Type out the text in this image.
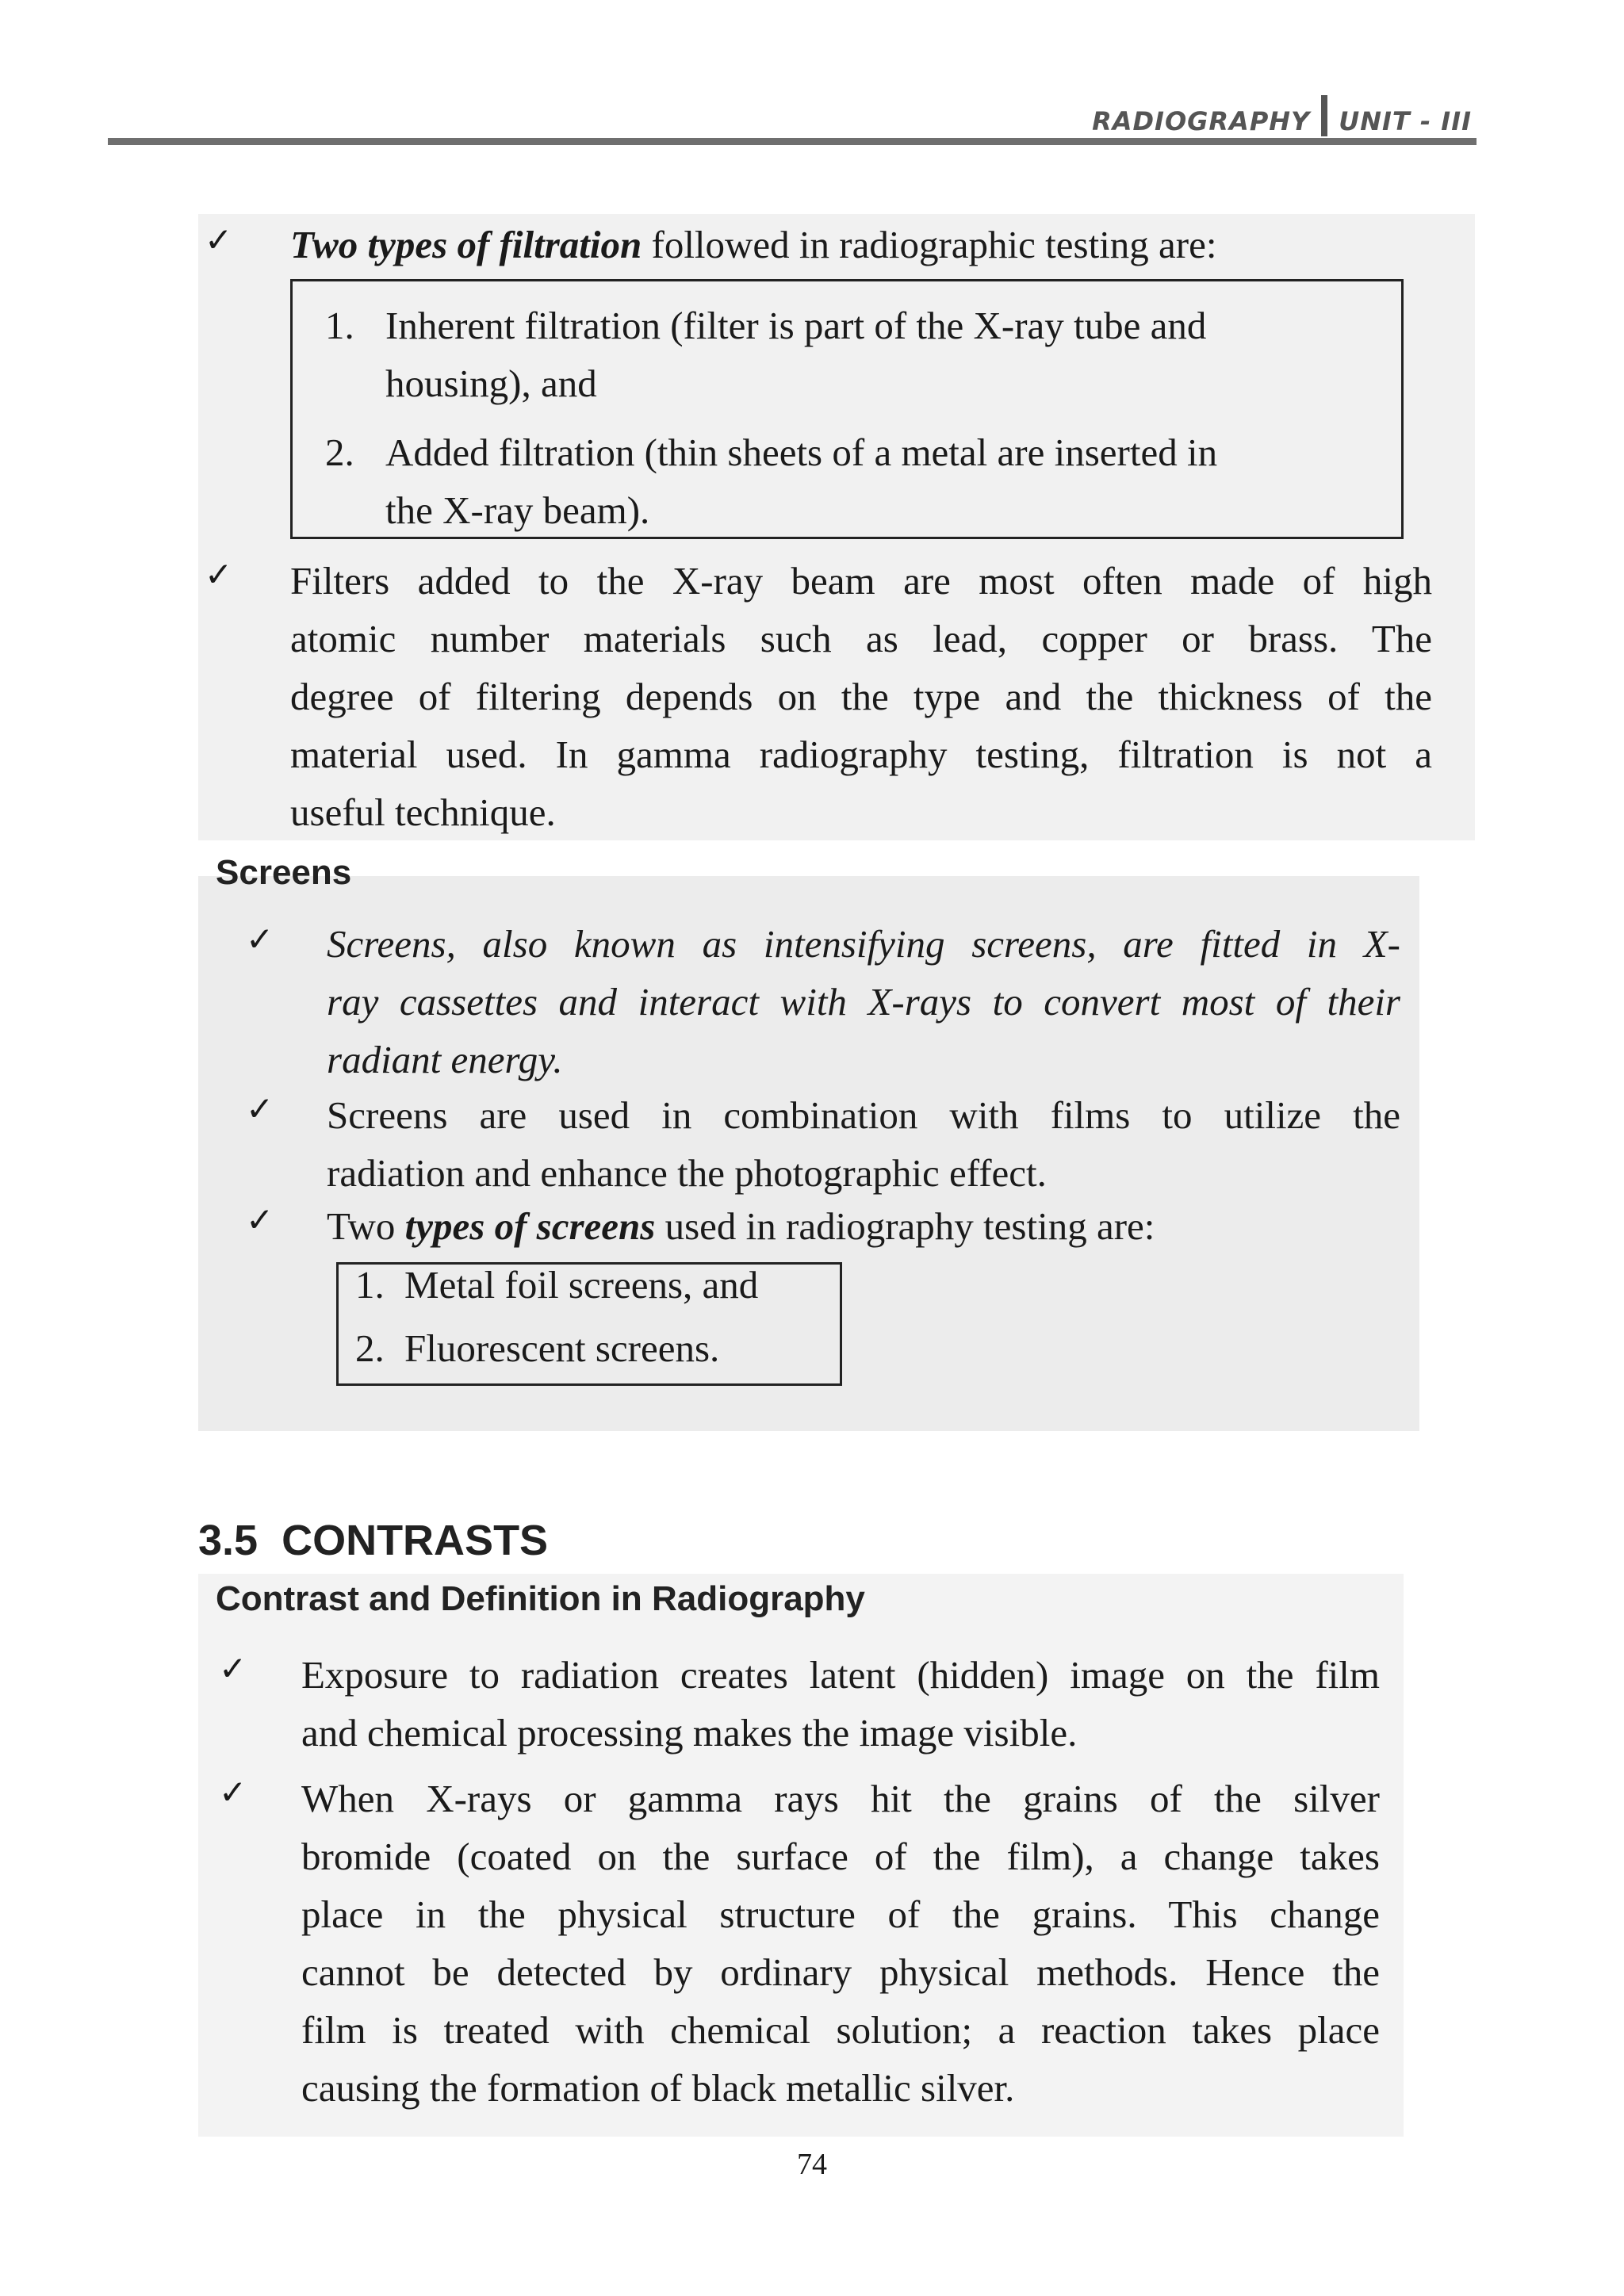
RADIOGRAPHY UNIT - III
✓ Two types of filtration followed in radiographic testing are:
1. Inherent filtration (filter is part of the X-ray tube and
housing), and
2. Added filtration (thin sheets of a metal are inserted in
the X-ray beam).
✓ Filters added to the X-ray beam are most often made of high
atomic number materials such as lead, copper or brass. The
degree of filtering depends on the type and the thickness of the
material used. In gamma radiography testing, filtration is not a
useful technique.
Screens
✓ Screens, also known as intensifying screens, are fitted in X-
ray cassettes and interact with X-rays to convert most of their
radiant energy.
✓ Screens are used in combination with films to utilize the
radiation and enhance the photographic effect.
✓ Two types of screens used in radiography testing are:
1. Metal foil screens, and
2. Fluorescent screens.
3.5  CONTRASTS
Contrast and Definition in Radiography
✓ Exposure to radiation creates latent (hidden) image on the film
and chemical processing makes the image visible.
✓ When X-rays or gamma rays hit the grains of the silver
bromide (coated on the surface of the film), a change takes
place in the physical structure of the grains. This change
cannot be detected by ordinary physical methods. Hence the
film is treated with chemical solution; a reaction takes place
causing the formation of black metallic silver.
74
